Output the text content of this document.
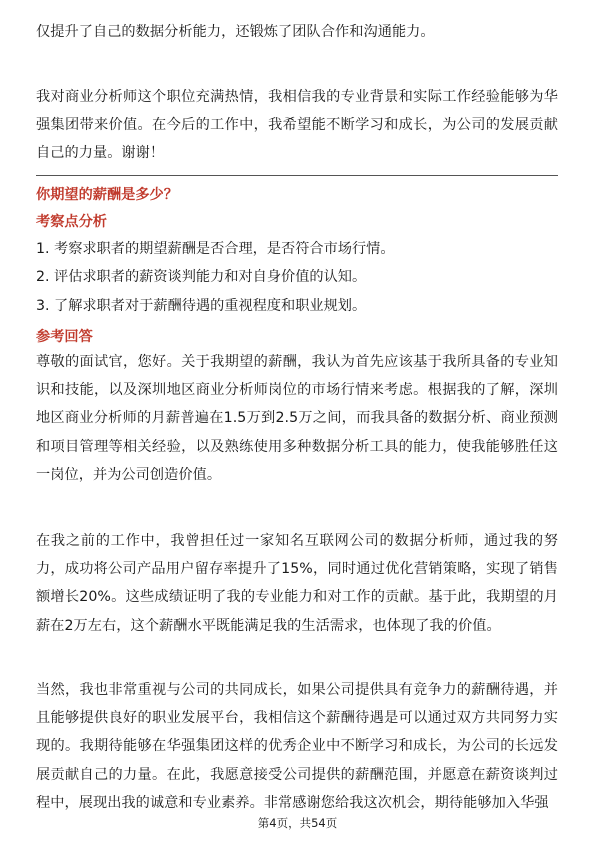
仅提升了自己的数据分析能力，还锻炼了团队合作和沟通能力。

我对商业分析师这个职位充满热情，我相信我的专业背景和实际工作经验能够为华强集团带来价值。在今后的工作中，我希望能不断学习和成长，为公司的发展贡献自己的力量。谢谢！

你期望的薪酬是多少？
考察点分析

1. 考察求职者的期望薪酬是否合理，是否符合市场行情。

2. 评估求职者的薪资谈判能力和对自身价值的认知。

3. 了解求职者对于薪酬待遇的重视程度和职业规划。

参考回答

尊敬的面试官，您好。关于我期望的薪酬，我认为首先应该基于我所具备的专业知识和技能，以及深圳地区商业分析师岗位的市场行情来考虑。根据我的了解，深圳地区商业分析师的月薪普遍在1.5万到2.5万之间，而我具备的数据分析、商业预测和项目管理等相关经验，以及熟练使用多种数据分析工具的能力，使我能够胜任这一岗位，并为公司创造价值。

在我之前的工作中，我曾担任过一家知名互联网公司的数据分析师，通过我的努力，成功将公司产品用户留存率提升了15%，同时通过优化营销策略，实现了销售额增长20%。这些成绩证明了我的专业能力和对工作的贡献。基于此，我期望的月薪在2万左右，这个薪酬水平既能满足我的生活需求，也体现了我的价值。

当然，我也非常重视与公司的共同成长，如果公司提供具有竞争力的薪酬待遇，并且能够提供良好的职业发展平台，我相信这个薪酬待遇是可以通过双方共同努力实现的。我期待能够在华强集团这样的优秀企业中不断学习和成长，为公司的长远发展贡献自己的力量。在此，我愿意接受公司提供的薪酬范围，并愿意在薪资谈判过程中，展现出我的诚意和专业素养。非常感谢您给我这次机会，期待能够加入华强

第4页，共54页
